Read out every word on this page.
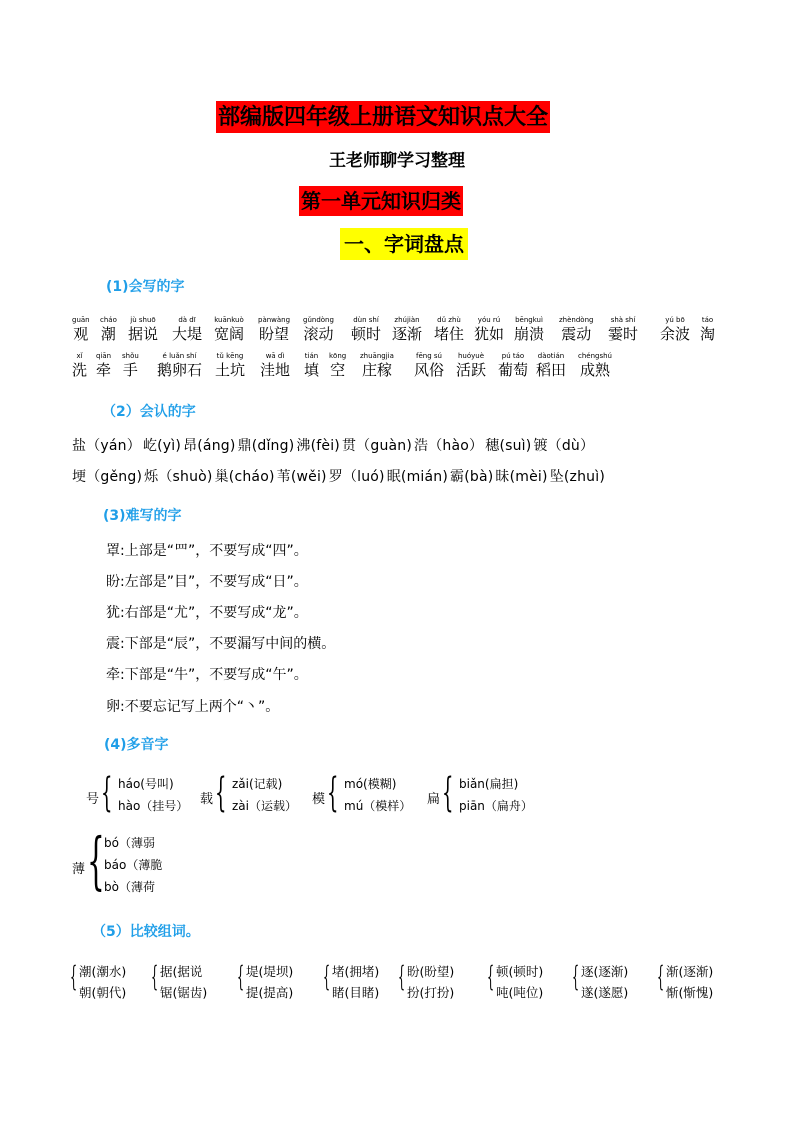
部编版四年级上册语文知识点大全
王老师聊学习整理
第一单元知识归类
一、字词盘点
(1)会写的字
guān
观
cháo
潮
jù shuō
据说
dà dī
大堤
kuānkuò
宽阔
pànwàng
盼望
gǔndòng
滚动
dùn shí
顿时
zhújiàn
逐渐
dǔ zhù
堵住
yóu rú
犹如
bēngkuì
崩溃
zhèndòng
震动
shà shí
霎时
yú bō
余波
táo
淘
xǐ
洗
qiān
牵
shǒu
手
é luǎn shí
鹅卵石
tǔ kēng
土坑
wā dì
洼地
tián
填
kōng
空
zhuāngjia
庄稼
fēng sú
风俗
huóyuè
活跃
pú táo
葡萄
dàotián
稻田
chéngshú
成熟
（2）会认的字
盐（yán） 屹(yì) 昂(áng) 鼎(dǐng) 沸(fèi) 贯（guàn) 浩（hào） 穗(suì) 镀（dù）
埂（gěng) 烁（shuò) 巢(cháo) 苇(wěi) 罗（luó) 眠(mián) 霸(bà) 昧(mèi) 坠(zhuì)
(3)难写的字
罩:上部是“罒”，不要写成“四”。
盼:左部是”目”，不要写成“日”。
犹:右部是“尤”，不要写成“龙”。
震:下部是“辰”，不要漏写中间的横。
牵:下部是“牛”，不要写成“午”。
卵:不要忘记写上两个“丶”。
(4)多音字
号 { háo(号叫)
hào（挂号） 载 { zǎi(记载)
zài（运载） 模 { mó(模糊)
mú（模样） 扁 { biǎn(扁担)
piān（扁舟）
薄 { bó（薄弱
báo（薄脆
bò（薄荷
（5）比较组词。
{ 潮(潮水)
朝(朝代) { 据(据说
锯(锯齿) { 堤(堤坝)
提(提高) { 堵(拥堵)
睹(目睹) { 盼(盼望)
扮(打扮) { 顿(顿时)
吨(吨位) { 逐(逐渐)
遂(遂愿) { 渐(逐渐)
惭(惭愧)
